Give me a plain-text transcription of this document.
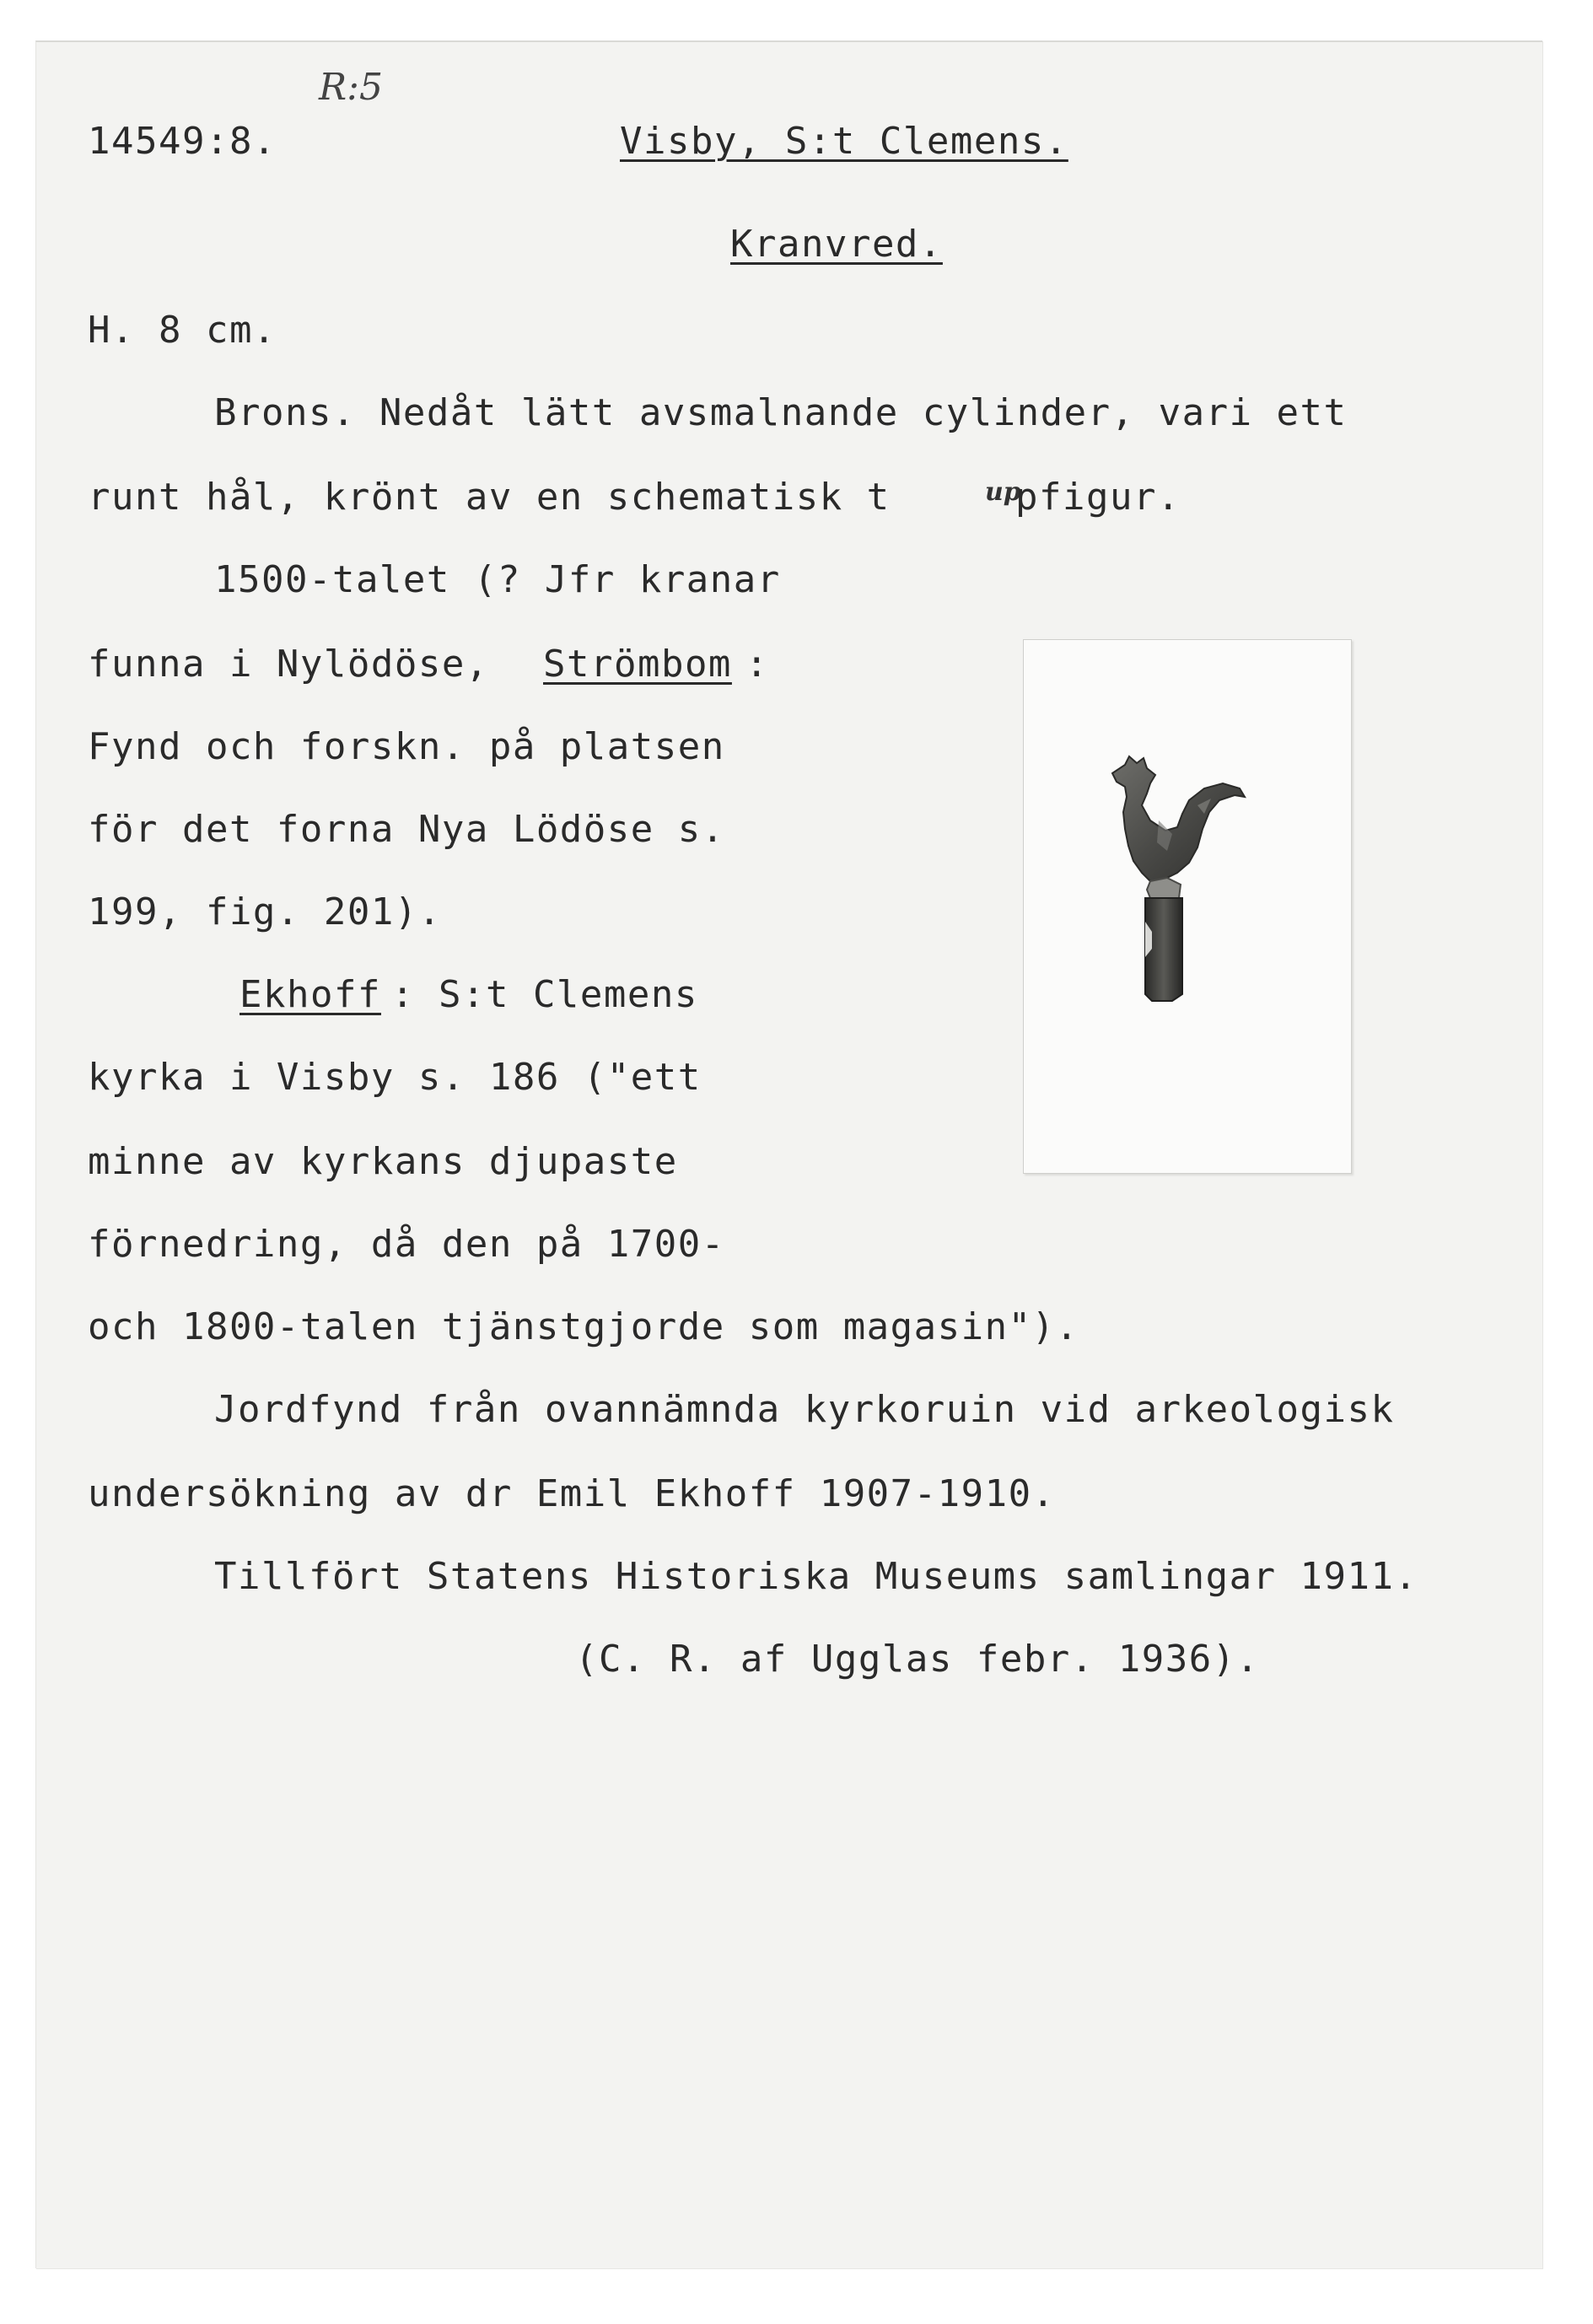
R:5
14549:8.	Visby, S:t Clemens.
Kranvred.
H. 8 cm.
Brons. Nedåt lätt avsmalnande cylinder, vari ett
runt hål, krönt av en schematisk t	up
pfigur.
1500-talet (? Jfr kranar
funna i Nylödöse, Strömbom :
Fynd och forskn. på platsen
för det forna Nya Lödöse s.
199, fig. 201).
Ekhoff : S:t Clemens
kyrka i Visby s. 186 ("ett
minne av kyrkans djupaste
förnedring, då den på 1700-
och 1800-talen tjänstgjorde som magasin").
Jordfynd från ovannämnda kyrkoruin vid arkeologisk
undersökning av dr Emil Ekhoff 1907-1910.
Tillfört Statens Historiska Museums samlingar 1911.
(C. R. af Ugglas febr. 1936).
